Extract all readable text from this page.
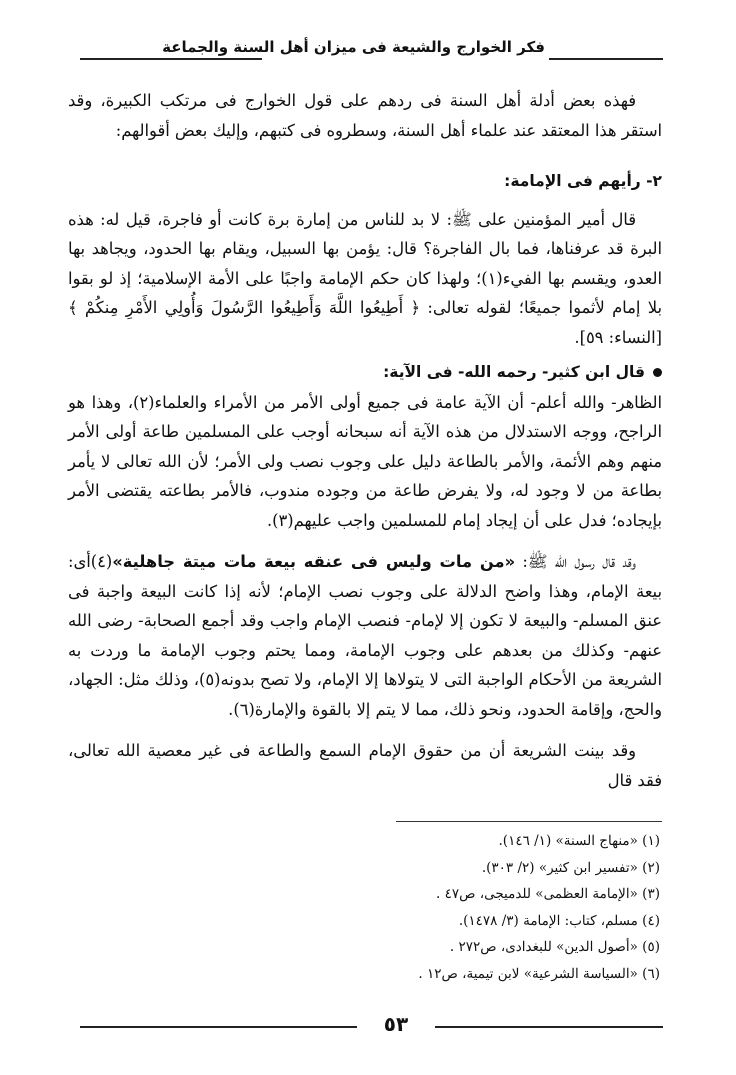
فكر الخوارج والشيعة فى ميزان أهل السنة والجماعة

فهذه بعض أدلة أهل السنة فى ردهم على قول الخوارج فى مرتكب الكبيرة، وقد استقر هذا المعتقد عند علماء أهل السنة، وسطروه فى كتبهم، وإليك بعض أقوالهم:

٢- رأيهم فى الإمامة:

قال أمير المؤمنين على ﷺ: لا بد للناس من إمارة برة كانت أو فاجرة، قيل له: هذه البرة قد عرفناها، فما بال الفاجرة؟ قال: يؤمن بها السبيل، ويقام بها الحدود، ويجاهد بها العدو، ويقسم بها الفيء(١)؛ ولهذا كان حكم الإمامة واجبًا على الأمة الإسلامية؛ إذ لو بقوا بلا إمام لأثموا جميعًا؛ لقوله تعالى: ﴿ أَطِيعُوا اللَّهَ وَأَطِيعُوا الرَّسُولَ وَأُولِي الأَمْرِ مِنكُمْ ﴾ [النساء: ٥٩].

قال ابن كثير- رحمه الله- فى الآية:

الظاهر- والله أعلم- أن الآية عامة فى جميع أولى الأمر من الأمراء والعلماء(٢)، وهذا هو الراجح، ووجه الاستدلال من هذه الآية أنه سبحانه أوجب على المسلمين طاعة أولى الأمر منهم وهم الأئمة، والأمر بالطاعة دليل على وجوب نصب ولى الأمر؛ لأن الله تعالى لا يأمر بطاعة من لا وجود له، ولا يفرض طاعة من وجوده مندوب، فالأمر بطاعته يقتضى الأمر بإيجاده؛ فدل على أن إيجاد إمام للمسلمين واجب عليهم(٣).

وقد قال رسول الله ﷺ: «من مات وليس فى عنقه بيعة مات ميتة جاهلية»(٤)أى: بيعة الإمام، وهذا واضح الدلالة على وجوب نصب الإمام؛ لأنه إذا كانت البيعة واجبة فى عنق المسلم- والبيعة لا تكون إلا لإمام- فنصب الإمام واجب وقد أجمع الصحابة- رضى الله عنهم- وكذلك من بعدهم على وجوب الإمامة، ومما يحتم وجوب الإمامة ما وردت به الشريعة من الأحكام الواجبة التى لا يتولاها إلا الإمام، ولا تصح بدونه(٥)، وذلك مثل: الجهاد، والحج، وإقامة الحدود، ونحو ذلك، مما لا يتم إلا بالقوة والإمارة(٦).

وقد بينت الشريعة أن من حقوق الإمام السمع والطاعة فى غير معصية الله تعالى، فقد قال

(١) «منهاج السنة» (١/ ١٤٦).

(٢) «تفسير ابن كثير» (٢/ ٣٠٣).

(٣) «الإمامة العظمى» للدميجى، ص٤٧ .

(٤) مسلم، كتاب: الإمامة (٣/ ١٤٧٨).

(٥) «أصول الدين» للبغدادى، ص٢٧٢ .

(٦) «السياسة الشرعية» لابن تيمية، ص١٢ .

٥٣
